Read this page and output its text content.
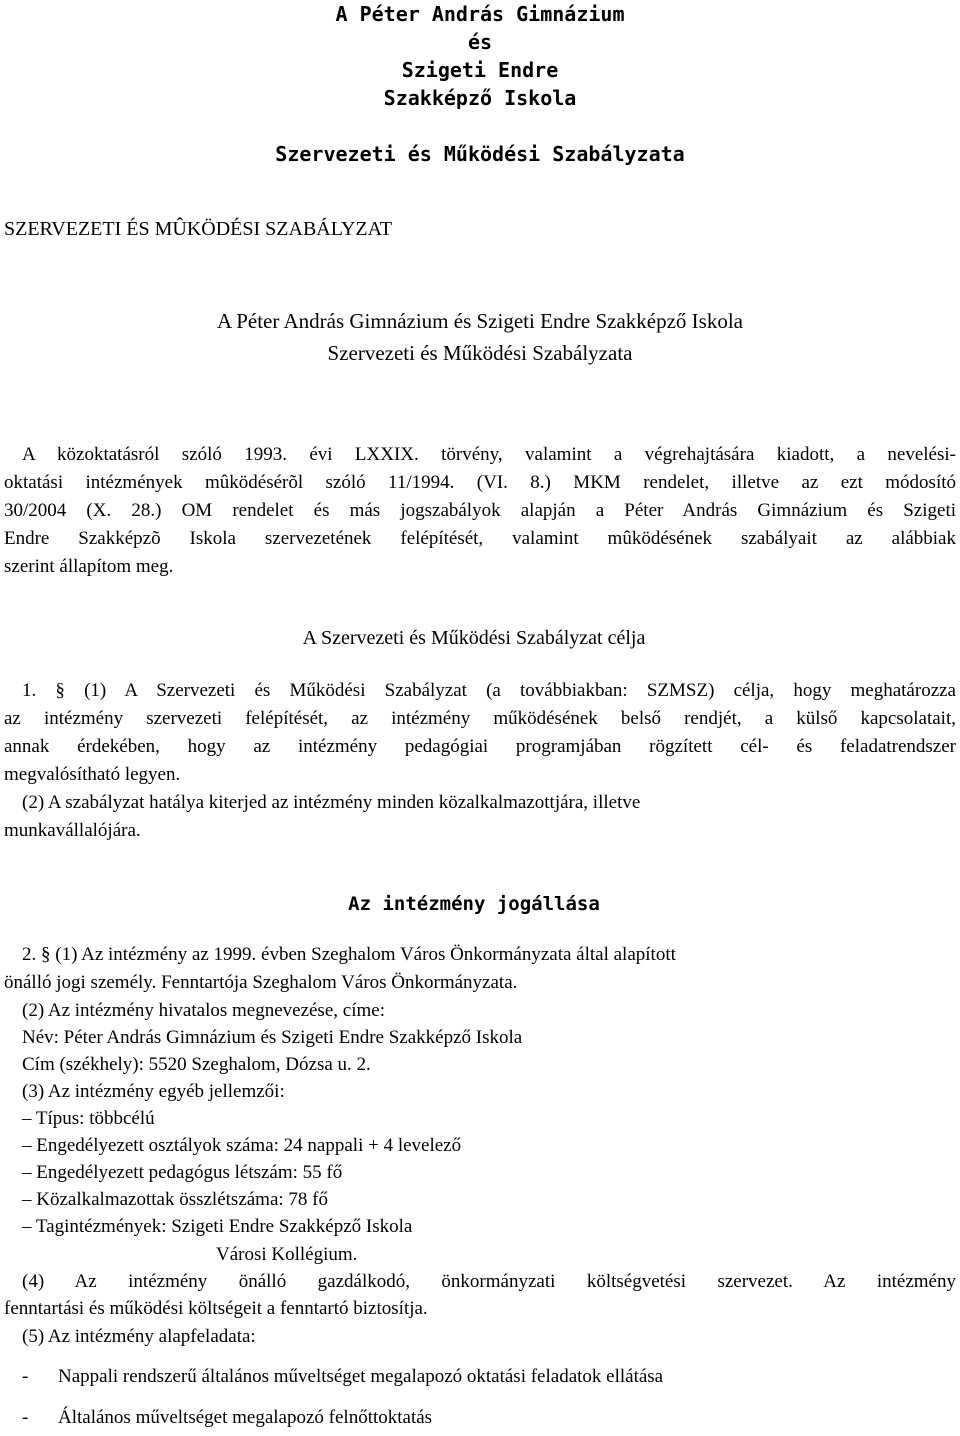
A Péter András Gimnázium
és
Szigeti Endre
Szakképző Iskola
Szervezeti és Működési Szabályzata
SZERVEZETI ÉS MÛKÖDÉSI SZABÁLYZAT
A Péter András Gimnázium és Szigeti Endre Szakképző Iskola
Szervezeti és Működési Szabályzata
A közoktatásról szóló 1993. évi LXXIX. törvény, valamint a végrehajtására kiadott, a nevelési-
oktatási intézmények mûködésérõl szóló 11/1994. (VI. 8.) MKM rendelet, illetve az ezt módosító
30/2004 (X. 28.) OM rendelet és más jogszabályok alapján a Péter András Gimnázium és Szigeti
Endre Szakképzõ Iskola szervezetének felépítését, valamint mûködésének szabályait az alábbiak
szerint állapítom meg.
A Szervezeti és Működési Szabályzat célja
1. § (1) A Szervezeti és Működési Szabályzat (a továbbiakban: SZMSZ) célja, hogy meghatározza
az intézmény szervezeti felépítését, az intézmény működésének belső rendjét, a külső kapcsolatait,
annak érdekében, hogy az intézmény pedagógiai programjában rögzített cél- és feladatrendszer
megvalósítható legyen.
(2) A szabályzat hatálya kiterjed az intézmény minden közalkalmazottjára, illetve
munkavállalójára.
Az intézmény jogállása
2. § (1) Az intézmény az 1999. évben Szeghalom Város Önkormányzata által alapított
önálló jogi személy. Fenntartója Szeghalom Város Önkormányzata.
(2) Az intézmény hivatalos megnevezése, címe:
Név: Péter András Gimnázium és Szigeti Endre Szakképző Iskola
Cím (székhely): 5520 Szeghalom, Dózsa u. 2.
(3) Az intézmény egyéb jellemzői:
– Típus: többcélú
– Engedélyezett osztályok száma: 24 nappali + 4 levelező
– Engedélyezett pedagógus létszám: 55 fő
– Közalkalmazottak összlétszáma: 78 fő
– Tagintézmények: Szigeti Endre Szakképző Iskola
Városi Kollégium.
(4) Az intézmény önálló gazdálkodó, önkormányzati költségvetési szervezet. Az intézmény
fenntartási és működési költségeit a fenntartó biztosítja.
(5) Az intézmény alapfeladata:
- Nappali rendszerű általános műveltséget megalapozó oktatási feladatok ellátása
- Általános műveltséget megalapozó felnőttoktatás
